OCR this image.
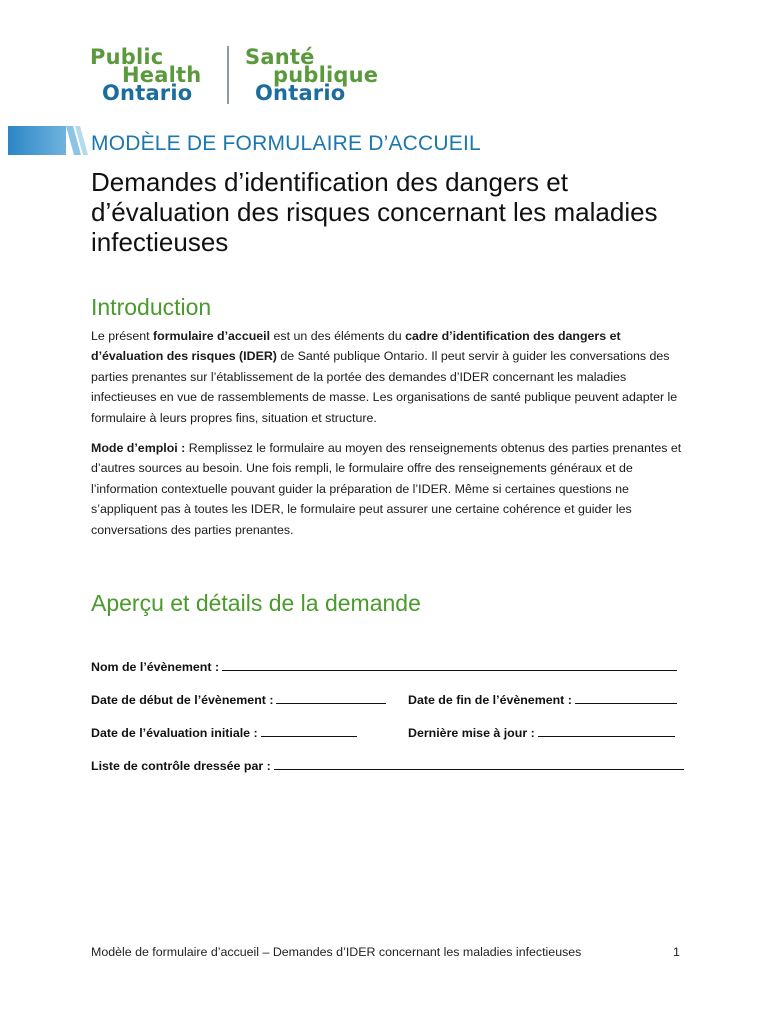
Public
Health
Ontario
Santé
publique
Ontario
MODÈLE DE FORMULAIRE D’ACCUEIL
Demandes d’identification des dangers et d’évaluation des risques concernant les maladies infectieuses
Introduction

Le présent formulaire d’accueil est un des éléments du cadre d’identification des dangers et d’évaluation des risques (IDER) de Santé publique Ontario. Il peut servir à guider les conversations des parties prenantes sur l’établissement de la portée des demandes d’IDER concernant les maladies infectieuses en vue de rassemblements de masse. Les organisations de santé publique peuvent adapter le formulaire à leurs propres fins, situation et structure.

Mode d’emploi : Remplissez le formulaire au moyen des renseignements obtenus des parties prenantes et d’autres sources au besoin. Une fois rempli, le formulaire offre des renseignements généraux et de l’information contextuelle pouvant guider la préparation de l’IDER. Même si certaines questions ne s’appliquent pas à toutes les IDER, le formulaire peut assurer une certaine cohérence et guider les conversations des parties prenantes.

Aperçu et détails de la demande
Nom de l’évènement :
Date de début de l’évènement :	Date de fin de l’évènement :
Date de l’évaluation initiale :	Dernière mise à jour :
Liste de contrôle dressée par :
Modèle de formulaire d’accueil – Demandes d’IDER concernant les maladies infectieuses	1
